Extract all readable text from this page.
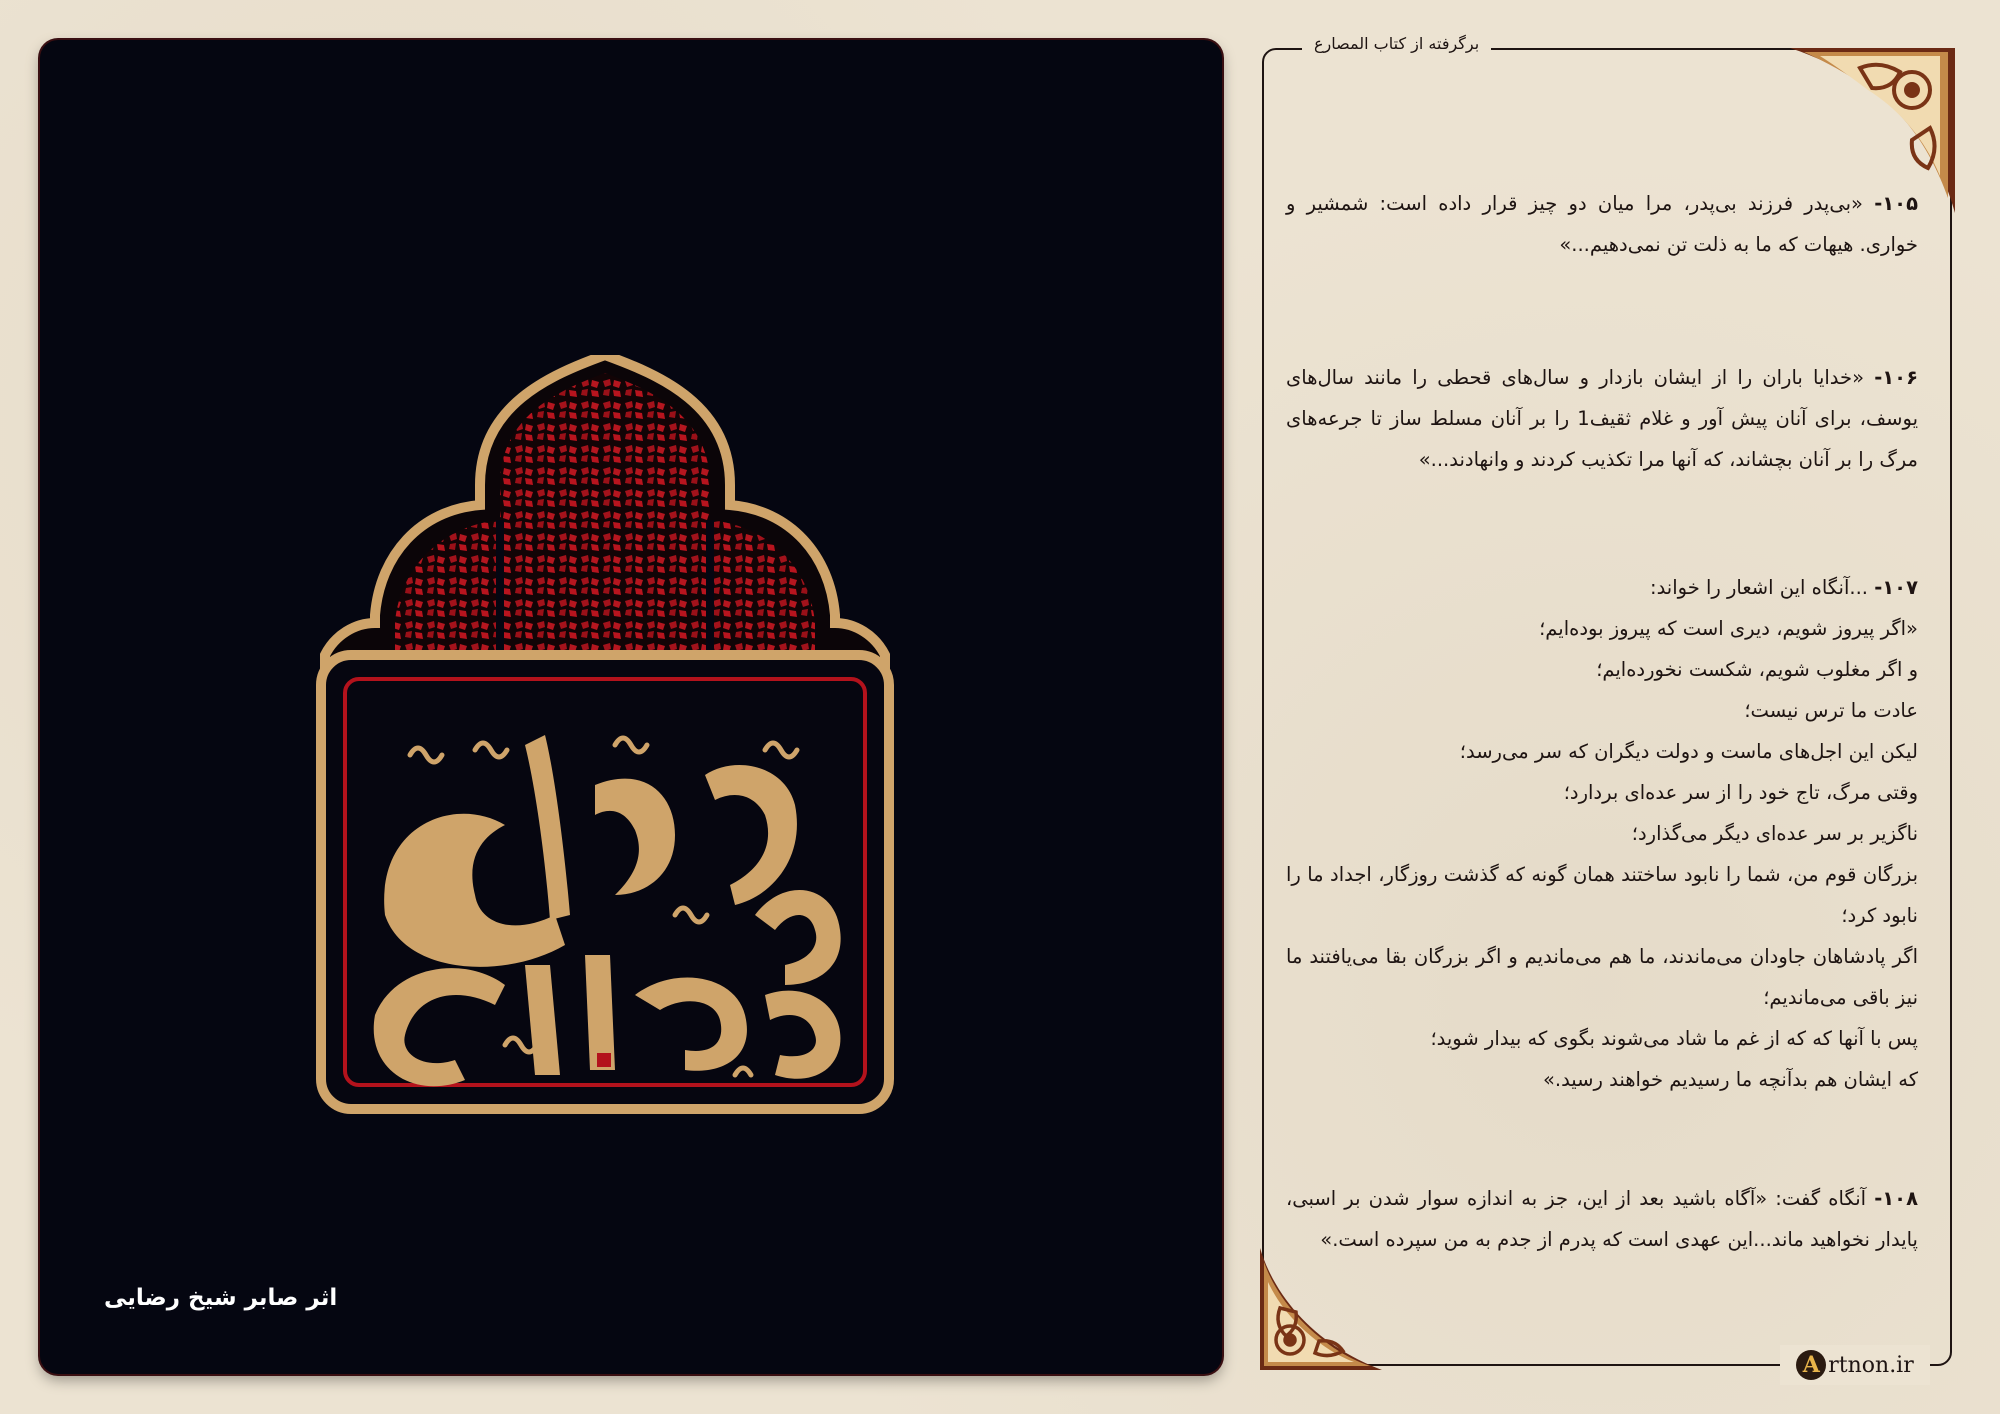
اثر صابر شیخ رضایی
برگرفته از کتاب المصارع

۱۰۵- «بی‌پدر فرزند بی‌پدر، مرا میان دو چیز قرار داده است: شمشیر و خواری. هیهات که ما به ذلت تن نمی‌دهیم...»

۱۰۶- «خدایا باران را از ایشان بازدار و سال‌های قحطی را مانند سال‌های یوسف، برای آنان پیش آور و غلام ثقیف1 را بر آنان مسلط ساز تا جرعه‌های مرگ را بر آنان بچشاند، که آنها مرا تکذیب کردند و وانهادند...»

۱۰۷- ...آنگاه این اشعار را خواند:

«اگر پیروز شویم، دیری است که پیروز بوده‌ایم؛
و اگر مغلوب شویم، شکست نخورده‌ایم؛
عادت ما ترس نیست؛
لیکن این اجل‌های ماست و دولت دیگران که سر می‌رسد؛
وقتی مرگ، تاج خود را از سر عده‌ای بردارد؛
ناگزیر بر سر عده‌ای دیگر می‌گذارد؛

بزرگان قوم من، شما را نابود ساختند همان گونه که گذشت روزگار، اجداد ما را نابود کرد؛

اگر پادشاهان جاودان می‌ماندند، ما هم می‌ماندیم و اگر بزرگان بقا می‌یافتند ما نیز باقی می‌ماندیم؛

پس با آنها که که از غم ما شاد می‌شوند بگوی که بیدار شوید؛
که ایشان هم بدآنچه ما رسیدیم خواهند رسید.»

۱۰۸- آنگاه گفت: «آگاه باشید بعد از این، جز به اندازه سوار شدن بر اسبی، پایدار نخواهید ماند...این عهدی است که پدرم از جدم به من سپرده است.»

A rtnon.ir
